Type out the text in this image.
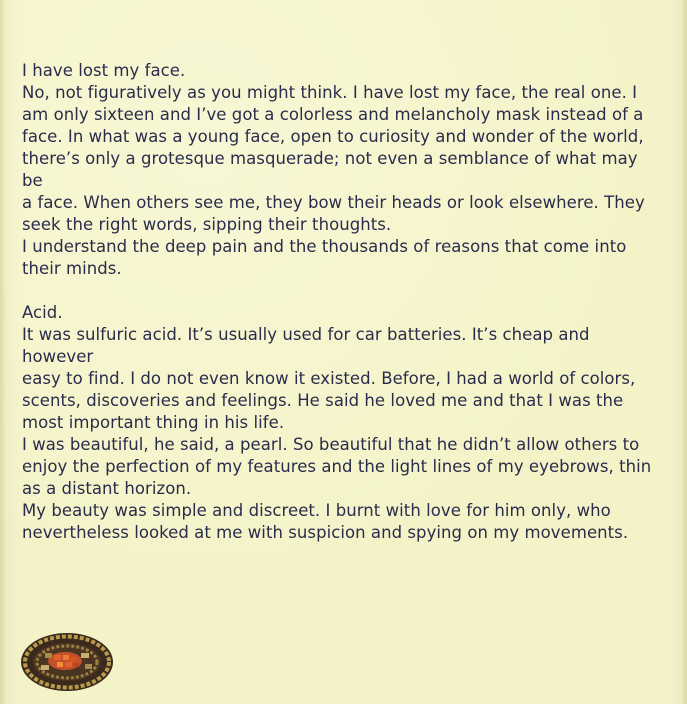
I have lost my face.

No, not figuratively as you might think. I have lost my face, the real one. I
am only sixteen and I’ve got a colorless and melancholy mask instead of a
face. In what was a young face, open to curiosity and wonder of the world,
there’s only a grotesque masquerade; not even a semblance of what may be
a face. When others see me, they bow their heads or look elsewhere. They
seek the right words, sipping their thoughts.

I understand the deep pain and the thousands of reasons that come into
their minds.

Acid.

It was sulfuric acid. It’s usually used for car batteries. It’s cheap and however
easy to find. I do not even know it existed. Before, I had a world of colors,
scents, discoveries and feelings. He said he loved me and that I was the
most important thing in his life.

I was beautiful, he said, a pearl. So beautiful that he didn’t allow others to
enjoy the perfection of my features and the light lines of my eyebrows, thin
as a distant horizon.

My beauty was simple and discreet. I burnt with love for him only, who
nevertheless looked at me with suspicion and spying on my movements.
